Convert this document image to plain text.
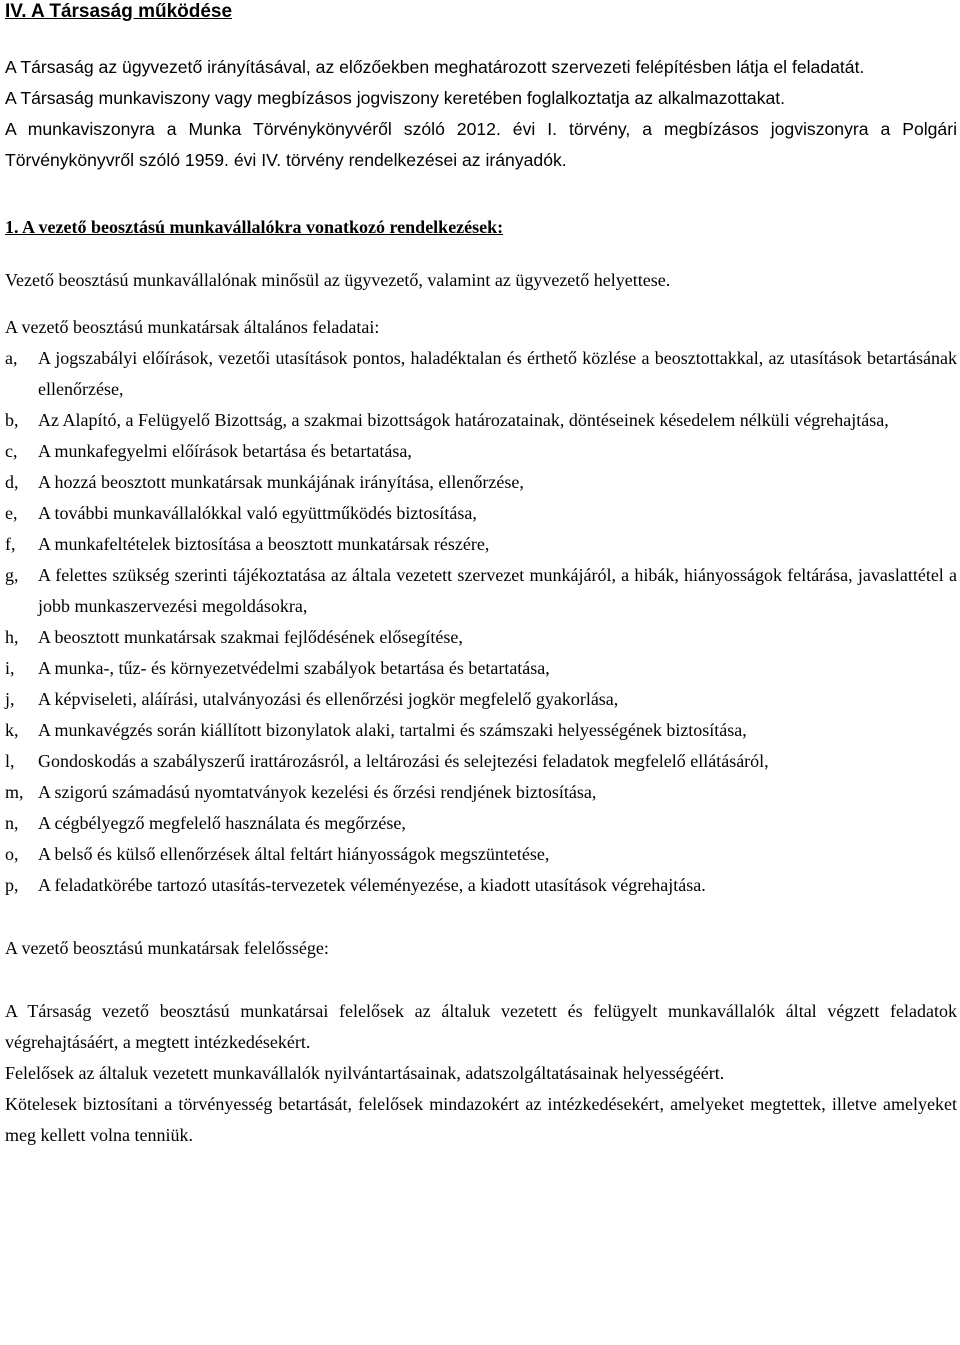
IV. A Társaság működése

A Társaság az ügyvezető irányításával, az előzőekben meghatározott szervezeti felépítésben látja el feladatát.

A Társaság munkaviszony vagy megbízásos jogviszony keretében foglalkoztatja az alkalmazottakat.

A munkaviszonyra a Munka Törvénykönyvéről szóló 2012. évi I. törvény, a megbízásos jogviszonyra a Polgári Törvénykönyvről szóló 1959. évi IV. törvény rendelkezései az irányadók.

1. A vezető beosztású munkavállalókra vonatkozó rendelkezések:

Vezető beosztású munkavállalónak minősül az ügyvezető, valamint az ügyvezető helyettese.

A vezető beosztású munkatársak általános feladatai:

a,	A jogszabályi előírások, vezetői utasítások pontos, haladéktalan és érthető közlése a beosztottakkal, az utasítások betartásának ellenőrzése,
b,	Az Alapító, a Felügyelő Bizottság, a szakmai bizottságok határozatainak, döntéseinek késedelem nélküli végrehajtása,
c,	A munkafegyelmi előírások betartása és betartatása,
d,	A hozzá beosztott munkatársak munkájának irányítása, ellenőrzése,
e,	A további munkavállalókkal való együttműködés biztosítása,
f,	A munkafeltételek biztosítása a beosztott munkatársak részére,
g,	A felettes szükség szerinti tájékoztatása az általa vezetett szervezet munkájáról, a hibák, hiányosságok feltárása, javaslattétel a jobb munkaszervezési megoldásokra,
h,	A beosztott munkatársak szakmai fejlődésének elősegítése,
i,	A munka-, tűz- és környezetvédelmi szabályok betartása és betartatása,
j,	A képviseleti, aláírási, utalványozási és ellenőrzési jogkör megfelelő gyakorlása,
k,	A munkavégzés során kiállított bizonylatok alaki, tartalmi és számszaki helyességének biztosítása,
l,	Gondoskodás a szabályszerű irattározásról, a leltározási és selejtezési feladatok megfelelő ellátásáról,
m, A szigorú számadású nyomtatványok kezelési és őrzési rendjének biztosítása,
n,	A cégbélyegző megfelelő használata és megőrzése,
o,	A belső és külső ellenőrzések által feltárt hiányosságok megszüntetése,
p,	A feladatkörébe tartozó utasítás-tervezetek véleményezése, a kiadott utasítások végrehajtása.

A vezető beosztású munkatársak felelőssége:

A Társaság vezető beosztású munkatársai felelősek az általuk vezetett és felügyelt munkavállalók által végzett feladatok végrehajtásáért, a megtett intézkedésekért.

Felelősek az általuk vezetett munkavállalók nyilvántartásainak, adatszolgáltatásainak helyességéért.

Kötelesek biztosítani a törvényesség betartását, felelősek mindazokért az intézkedésekért, amelyeket megtettek, illetve amelyeket meg kellett volna tenniük.
